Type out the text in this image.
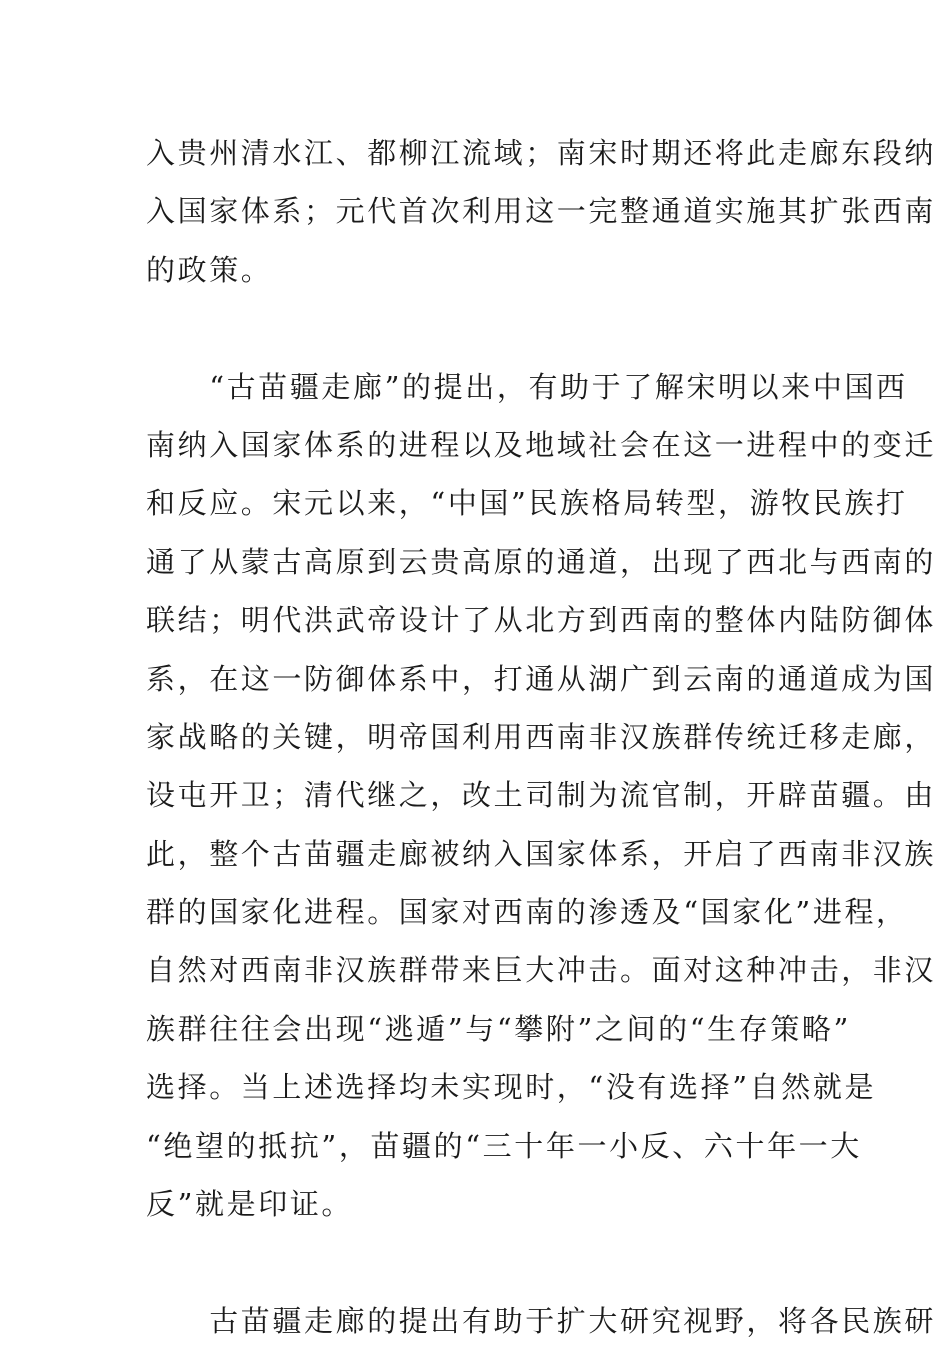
入贵州清水江、都柳江流域；南宋时期还将此走廊东段纳
入国家体系；元代首次利用这一完整通道实施其扩张西南
的政策。
　　“古苗疆走廊”的提出，有助于了解宋明以来中国西
南纳入国家体系的进程以及地域社会在这一进程中的变迁
和反应。宋元以来，“中国”民族格局转型，游牧民族打
通了从蒙古高原到云贵高原的通道，出现了西北与西南的
联结；明代洪武帝设计了从北方到西南的整体内陆防御体
系，在这一防御体系中，打通从湖广到云南的通道成为国
家战略的关键，明帝国利用西南非汉族群传统迁移走廊，
设屯开卫；清代继之，改土司制为流官制，开辟苗疆。由
此，整个古苗疆走廊被纳入国家体系，开启了西南非汉族
群的国家化进程。国家对西南的渗透及“国家化”进程，
自然对西南非汉族群带来巨大冲击。面对这种冲击，非汉
族群往往会出现“逃遁”与“攀附”之间的“生存策略”
选择。当上述选择均未实现时，“没有选择”自然就是
“绝望的抵抗”，苗疆的“三十年一小反、六十年一大
反”就是印证。
　　古苗疆走廊的提出有助于扩大研究视野，将各民族研
